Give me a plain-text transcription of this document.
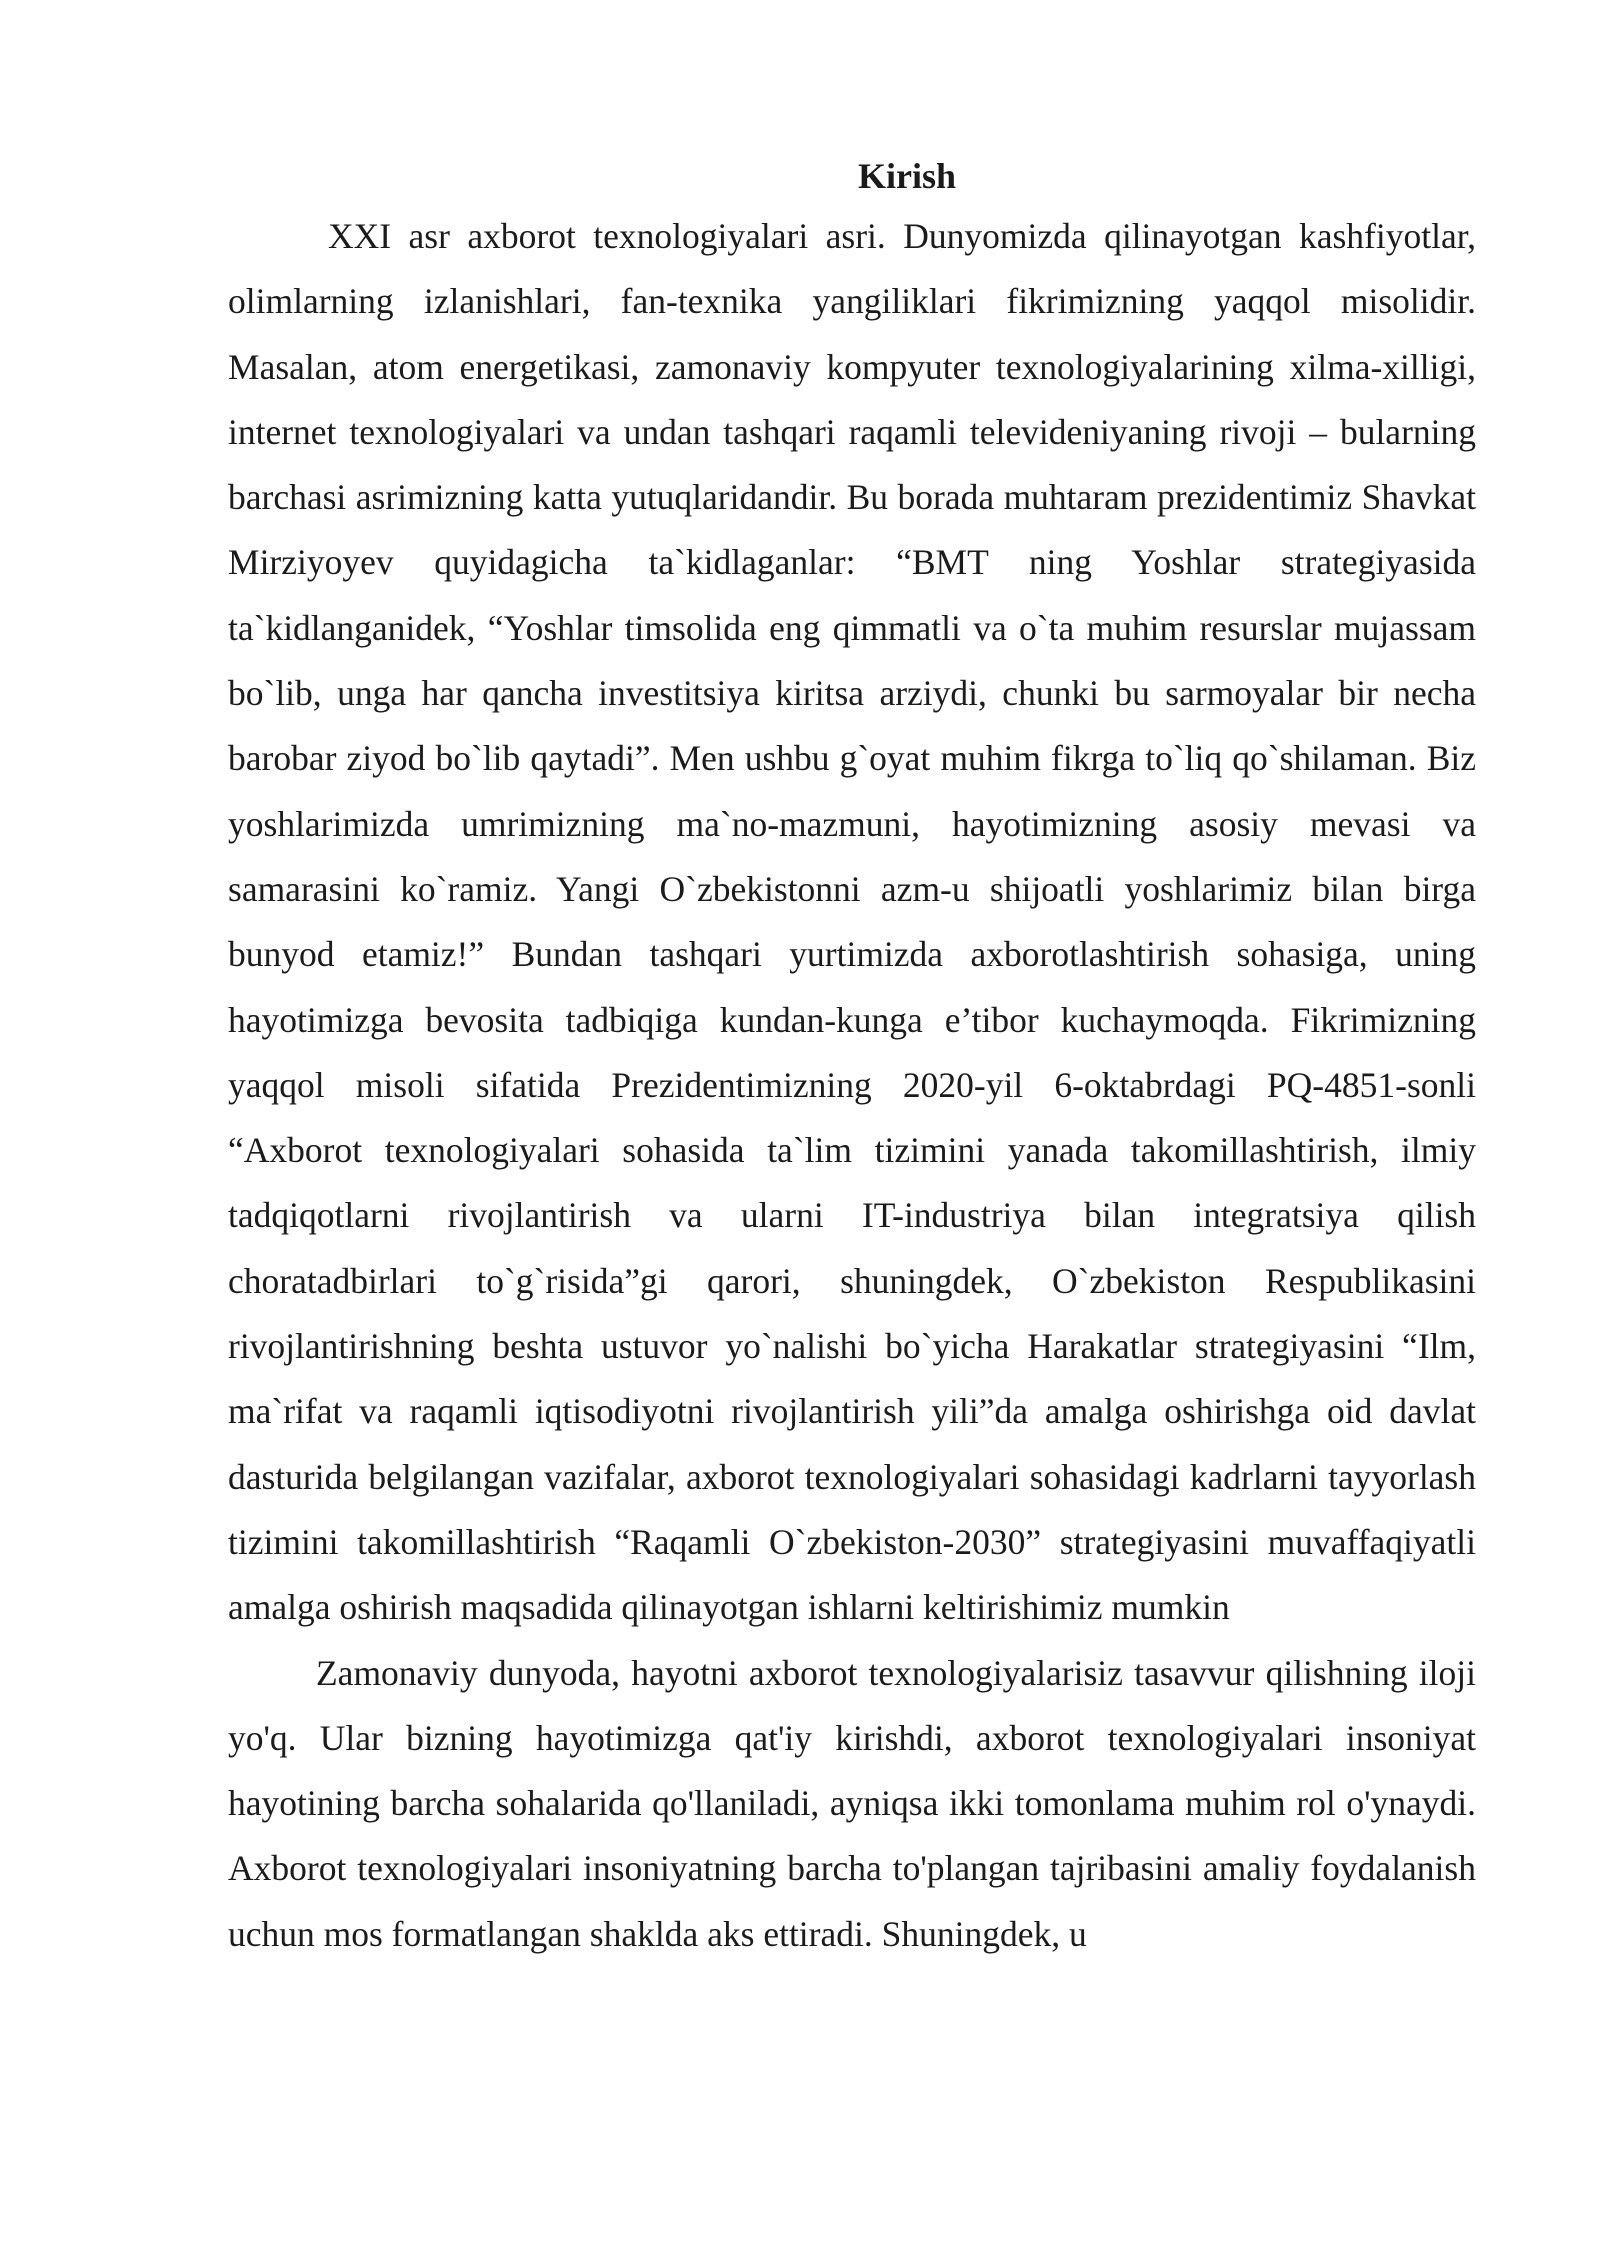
Kirish

XXI asr axborot texnologiyalari asri. Dunyomizda qilinayotgan kashfiyotlar, olimlarning izlanishlari, fan-texnika yangiliklari fikrimizning yaqqol misolidir. Masalan, atom energetikasi, zamonaviy kompyuter texnologiyalarining xilma-xilligi, internet texnologiyalari va undan tashqari raqamli televideniyaning rivoji – bularning barchasi asrimizning katta yutuqlaridandir. Bu borada muhtaram prezidentimiz Shavkat Mirziyoyev quyidagicha ta`kidlaganlar: “BMT ning Yoshlar strategiyasida ta`kidlanganidek, “Yoshlar timsolida eng qimmatli va o`ta muhim resurslar mujassam bo`lib, unga har qancha investitsiya kiritsa arziydi, chunki bu sarmoyalar bir necha barobar ziyod bo`lib qaytadi”. Men ushbu g`oyat muhim fikrga to`liq qo`shilaman. Biz yoshlarimizda umrimizning ma`no-mazmuni, hayotimizning asosiy mevasi va samarasini ko`ramiz. Yangi O`zbekistonni azm-u shijoatli yoshlarimiz bilan birga bunyod etamiz!” Bundan tashqari yurtimizda axborotlashtirish sohasiga, uning hayotimizga bevosita tadbiqiga kundan-kunga e’tibor kuchaymoqda. Fikrimizning yaqqol misoli sifatida Prezidentimizning 2020-yil 6-oktabrdagi PQ-4851-sonli “Axborot texnologiyalari sohasida ta`lim tizimini yanada takomillashtirish, ilmiy tadqiqotlarni rivojlantirish va ularni IT-industriya bilan integratsiya qilish choratadbirlari to`g`risida”gi qarori, shuningdek, O`zbekiston Respublikasini rivojlantirishning beshta ustuvor yo`nalishi bo`yicha Harakatlar strategiyasini “Ilm, ma`rifat va raqamli iqtisodiyotni rivojlantirish yili”da amalga oshirishga oid davlat dasturida belgilangan vazifalar, axborot texnologiyalari sohasidagi kadrlarni tayyorlash tizimini takomillashtirish “Raqamli O`zbekiston-2030” strategiyasini muvaffaqiyatli amalga oshirish maqsadida qilinayotgan ishlarni keltirishimiz mumkin

Zamonaviy dunyoda, hayotni axborot texnologiyalarisiz tasavvur qilishning iloji yo'q. Ular bizning hayotimizga qat'iy kirishdi, axborot texnologiyalari insoniyat hayotining barcha sohalarida qo'llaniladi, ayniqsa ikki tomonlama muhim rol o'ynaydi. Axborot texnologiyalari insoniyatning barcha to'plangan tajribasini amaliy foydalanish uchun mos formatlangan shaklda aks ettiradi. Shuningdek, u
